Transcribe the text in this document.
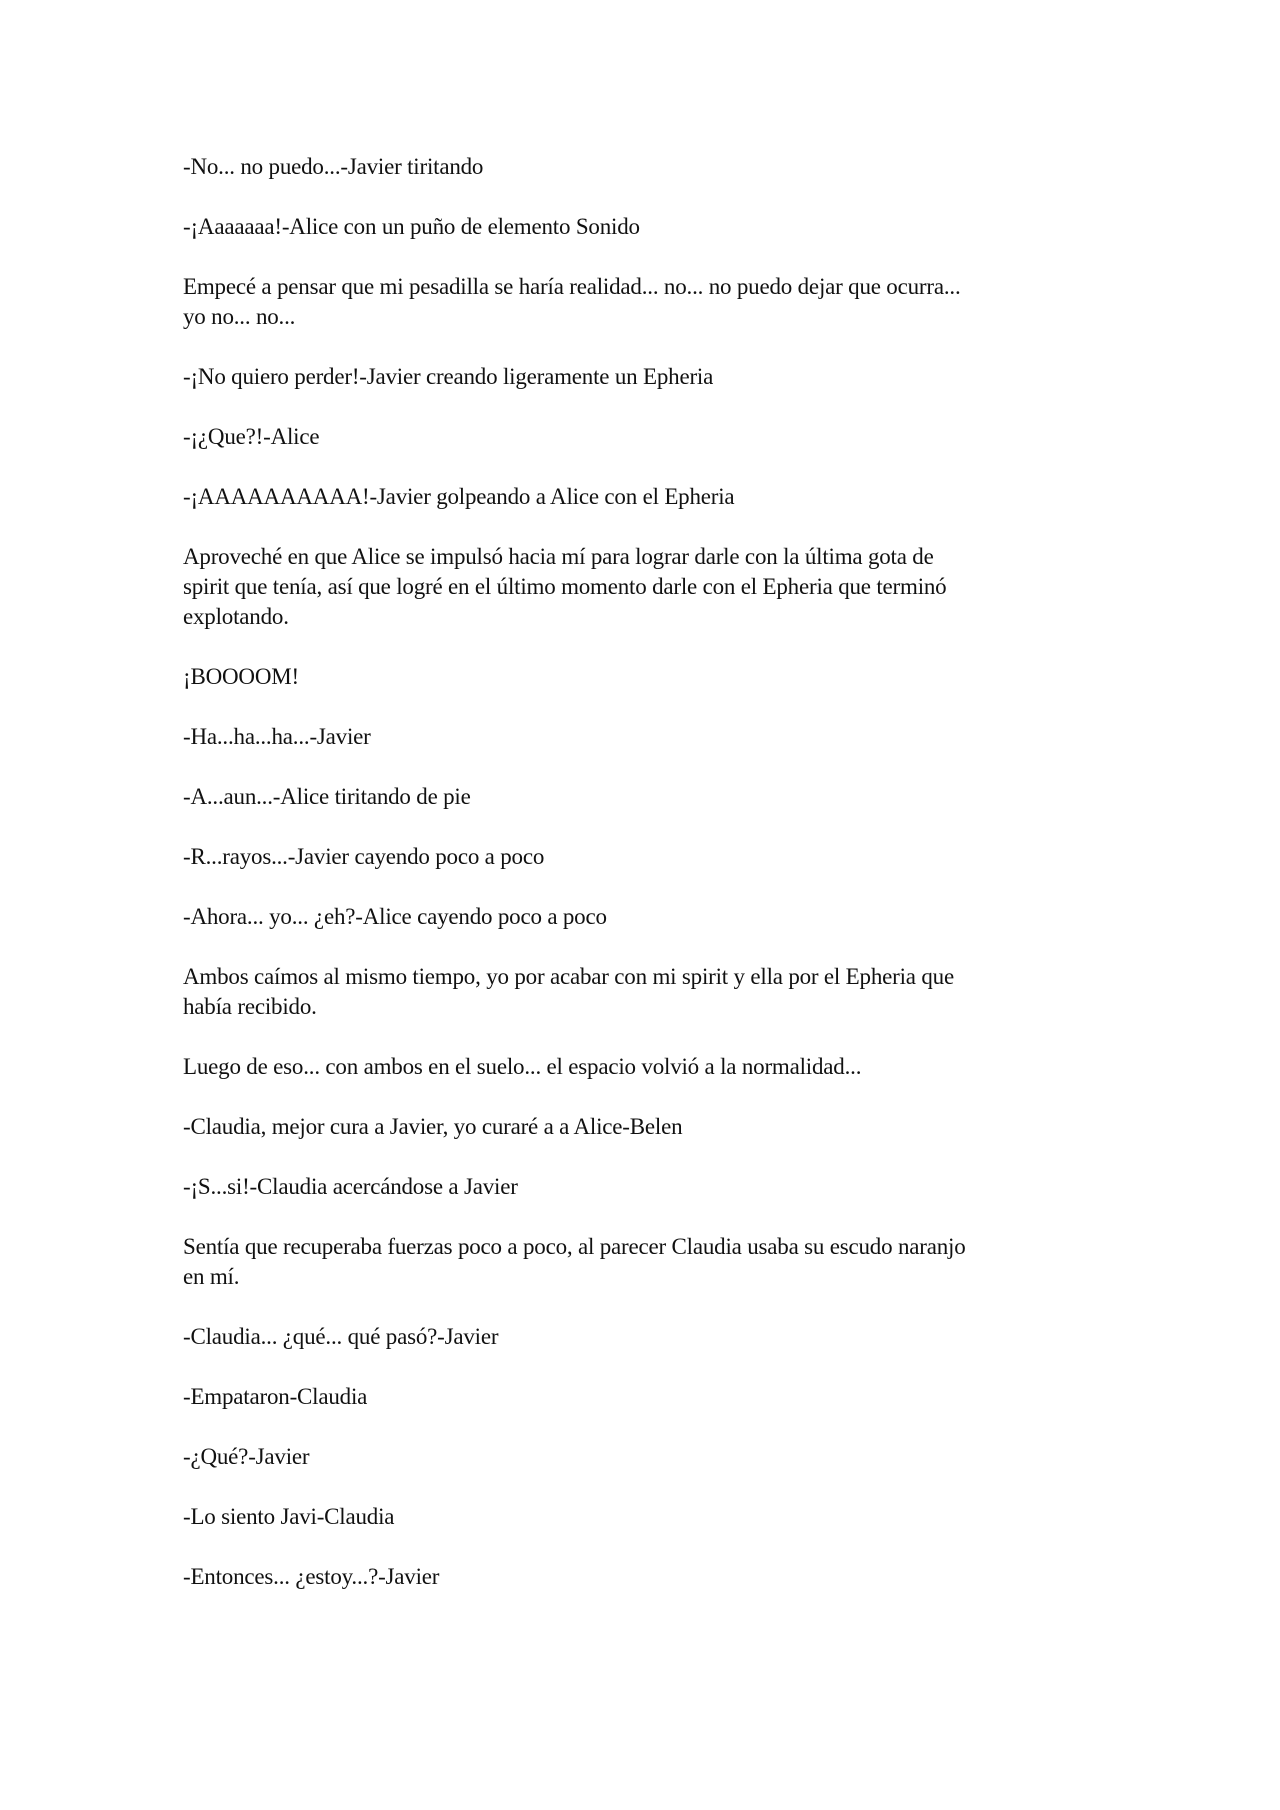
-No... no puedo...-Javier tiritando

-¡Aaaaaaa!-Alice con un puño de elemento Sonido

Empecé a pensar que mi pesadilla se haría realidad... no... no puedo dejar que ocurra...
yo no... no...

-¡No quiero perder!-Javier creando ligeramente un Epheria

-¡¿Que?!-Alice

-¡AAAAAAAAAA!-Javier golpeando a Alice con el Epheria

Aproveché en que Alice se impulsó hacia mí para lograr darle con la última gota de
spirit que tenía, así que logré en el último momento darle con el Epheria que terminó
explotando.

¡BOOOOM!

-Ha...ha...ha...-Javier

-A...aun...-Alice tiritando de pie

-R...rayos...-Javier cayendo poco a poco

-Ahora... yo... ¿eh?-Alice cayendo poco a poco

Ambos caímos al mismo tiempo, yo por acabar con mi spirit y ella por el Epheria que
había recibido.

Luego de eso... con ambos en el suelo... el espacio volvió a la normalidad...

-Claudia, mejor cura a Javier, yo curaré a a Alice-Belen

-¡S...si!-Claudia acercándose a Javier

Sentía que recuperaba fuerzas poco a poco, al parecer Claudia usaba su escudo naranjo
en mí.

-Claudia... ¿qué... qué pasó?-Javier

-Empataron-Claudia

-¿Qué?-Javier

-Lo siento Javi-Claudia

-Entonces... ¿estoy...?-Javier
